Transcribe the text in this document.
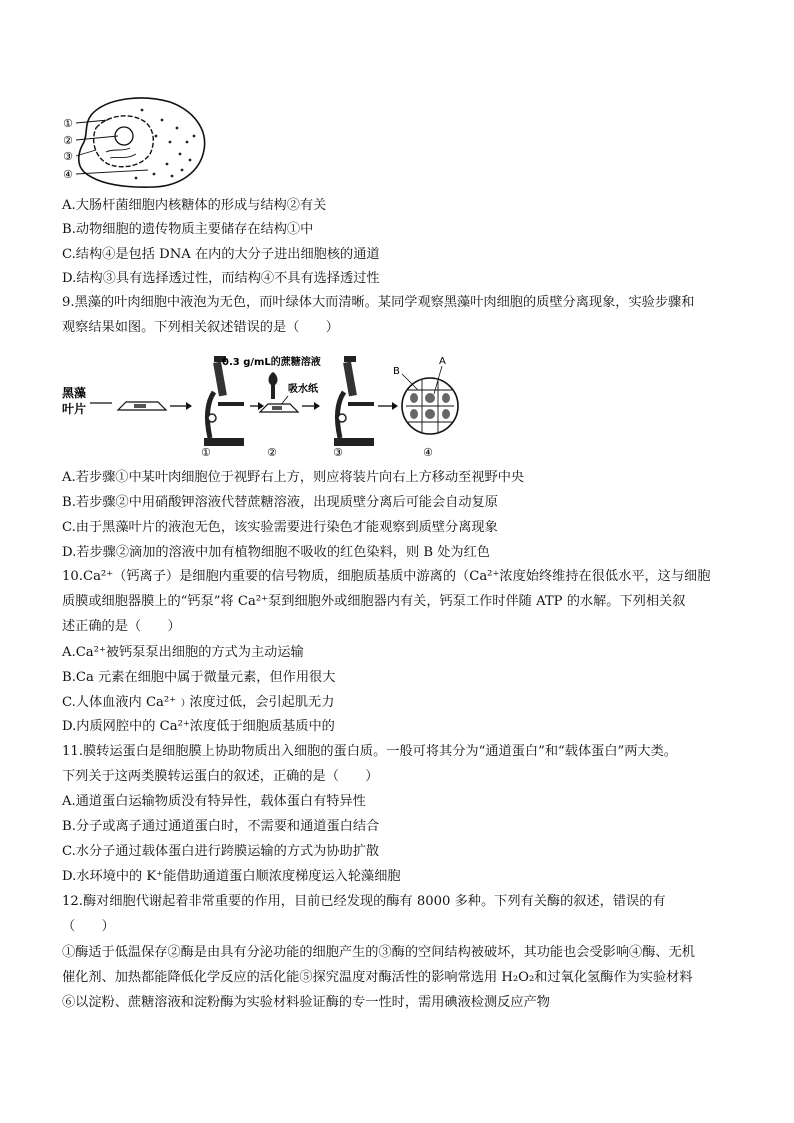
①
②
③
④
A.大肠杆菌细胞内核糖体的形成与结构②有关
B.动物细胞的遗传物质主要储存在结构①中
C.结构④是包括 DNA 在内的大分子进出细胞核的通道
D.结构③具有选择透过性，而结构④不具有选择透过性
9.黑藻的叶肉细胞中液泡为无色，而叶绿体大而清晰。某同学观察黑藻叶肉细胞的质壁分离现象，实验步骤和
观察结果如图。下列相关叙述错误的是（　　）
黑藻
叶片
①
0.3 g/mL的蔗糖溶液
吸水纸
②	③
A
B
④
A.若步骤①中某叶肉细胞位于视野右上方，则应将装片向右上方移动至视野中央
B.若步骤②中用硝酸钾溶液代替蔗糖溶液，出现质壁分离后可能会自动复原
C.由于黑藻叶片的液泡无色，该实验需要进行染色才能观察到质壁分离现象
D.若步骤②滴加的溶液中加有植物细胞不吸收的红色染料，则 B 处为红色
10.Ca²⁺（钙离子）是细胞内重要的信号物质，细胞质基质中游离的（Ca²⁺浓度始终维持在很低水平，这与细胞
质膜或细胞器膜上的“钙泵”将 Ca²⁺泵到细胞外或细胞器内有关，钙泵工作时伴随 ATP 的水解。下列相关叙
述正确的是（　　）
A.Ca²⁺被钙泵泵出细胞的方式为主动运输
B.Ca 元素在细胞中属于微量元素，但作用很大
C.人体血液内 Ca²⁺﹚浓度过低，会引起肌无力
D.内质网腔中的 Ca²⁺浓度低于细胞质基质中的
11.膜转运蛋白是细胞膜上协助物质出入细胞的蛋白质。一般可将其分为“通道蛋白”和“载体蛋白”两大类。
下列关于这两类膜转运蛋白的叙述，正确的是（　　）
A.通道蛋白运输物质没有特异性，载体蛋白有特异性
B.分子或离子通过通道蛋白时，不需要和通道蛋白结合
C.水分子通过载体蛋白进行跨膜运输的方式为协助扩散
D.水环境中的 K⁺能借助通道蛋白顺浓度梯度运入轮藻细胞
12.酶对细胞代谢起着非常重要的作用，目前已经发现的酶有 8000 多种。下列有关酶的叙述，错误的有
（　　）
①酶适于低温保存②酶是由具有分泌功能的细胞产生的③酶的空间结构被破坏，其功能也会受影响④酶、无机
催化剂、加热都能降低化学反应的活化能⑤探究温度对酶活性的影响常选用 H₂O₂和过氧化氢酶作为实验材料
⑥以淀粉、蔗糖溶液和淀粉酶为实验材料验证酶的专一性时，需用碘液检测反应产物
